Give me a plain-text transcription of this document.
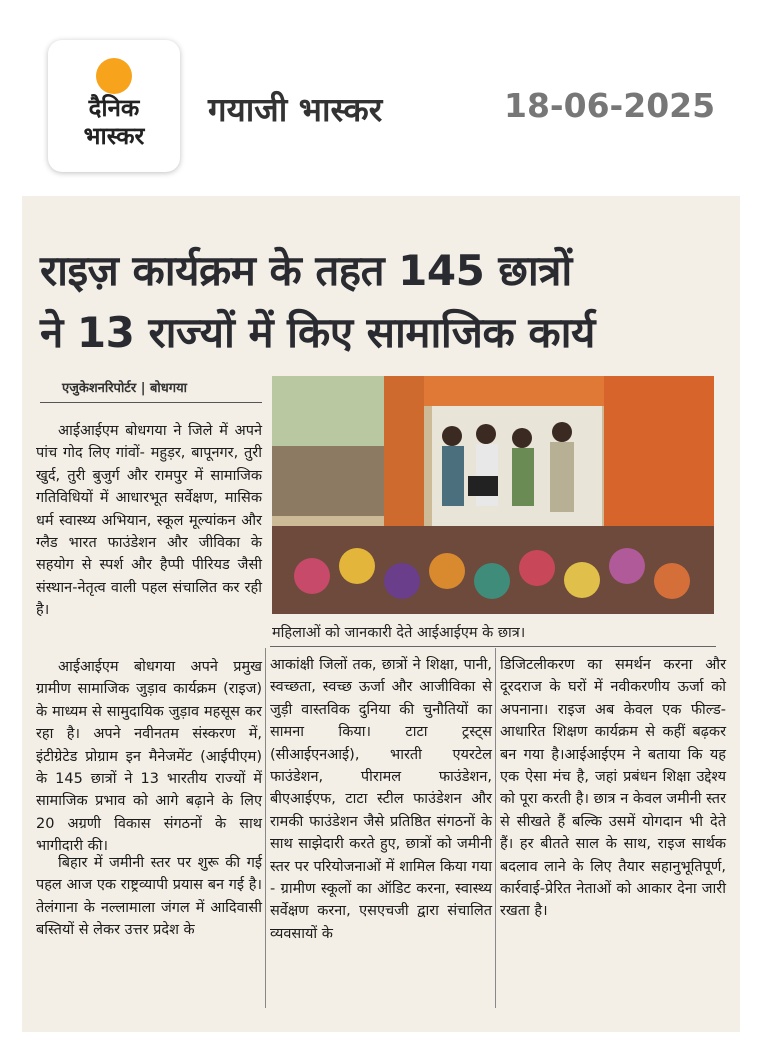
दैनिक
भास्कर
गयाजी भास्कर	18-06-2025
राइज़ कार्यक्रम के तहत 145 छात्रों
ने 13 राज्यों में किए सामाजिक कार्य
एजुकेशनरिपोर्टर | बोधगया

आईआईएम बोधगया ने जिले में अपने पांच गोद लिए गांवों- महुड़र, बापूनगर, तुरी खुर्द, तुरी बुजुर्ग और रामपुर में सामाजिक गतिविधियों में आधारभूत सर्वेक्षण, मासिक धर्म स्वास्थ्य अभियान, स्कूल मूल्यांकन और ग्लैड भारत फाउंडेशन और जीविका के सहयोग से स्पर्श और हैप्पी पीरियड जैसी संस्थान-नेतृत्व वाली पहल संचालित कर रही है।

आईआईएम बोधगया अपने प्रमुख ग्रामीण सामाजिक जुड़ाव कार्यक्रम (राइज) के माध्यम से सामुदायिक जुड़ाव महसूस कर रहा है। अपने नवीनतम संस्करण में, इंटीग्रेटेड प्रोग्राम इन मैनेजमेंट (आईपीएम) के 145 छात्रों ने 13 भारतीय राज्यों में सामाजिक प्रभाव को आगे बढ़ाने के लिए 20 अग्रणी विकास संगठनों के साथ भागीदारी की।

बिहार में जमीनी स्तर पर शुरू की गई पहल आज एक राष्ट्रव्यापी प्रयास बन गई है। तेलंगाना के नल्लामाला जंगल में आदिवासी बस्तियों से लेकर उत्तर प्रदेश के

महिलाओं को जानकारी देते आईआईएम के छात्र।

आकांक्षी जिलों तक, छात्रों ने शिक्षा, पानी, स्वच्छता, स्वच्छ ऊर्जा और आजीविका से जुड़ी वास्तविक दुनिया की चुनौतियों का सामना किया। टाटा ट्रस्ट्स (सीआईएनआई), भारती एयरटेल फाउंडेशन, पीरामल फाउंडेशन, बीएआईएफ, टाटा स्टील फाउंडेशन और रामकी फाउंडेशन जैसे प्रतिष्ठित संगठनों के साथ साझेदारी करते हुए, छात्रों को जमीनी स्तर पर परियोजनाओं में शामिल किया गया - ग्रामीण स्कूलों का ऑडिट करना, स्वास्थ्य सर्वेक्षण करना, एसएचजी द्वारा संचालित व्यवसायों के

डिजिटलीकरण का समर्थन करना और दूरदराज के घरों में नवीकरणीय ऊर्जा को अपनाना। राइज अब केवल एक फील्ड-आधारित शिक्षण कार्यक्रम से कहीं बढ़कर बन गया है।आईआईएम ने बताया कि यह एक ऐसा मंच है, जहां प्रबंधन शिक्षा उद्देश्य को पूरा करती है। छात्र न केवल जमीनी स्तर से सीखते हैं बल्कि उसमें योगदान भी देते हैं। हर बीतते साल के साथ, राइज सार्थक बदलाव लाने के लिए तैयार सहानुभूतिपूर्ण, कार्रवाई-प्रेरित नेताओं को आकार देना जारी रखता है।
